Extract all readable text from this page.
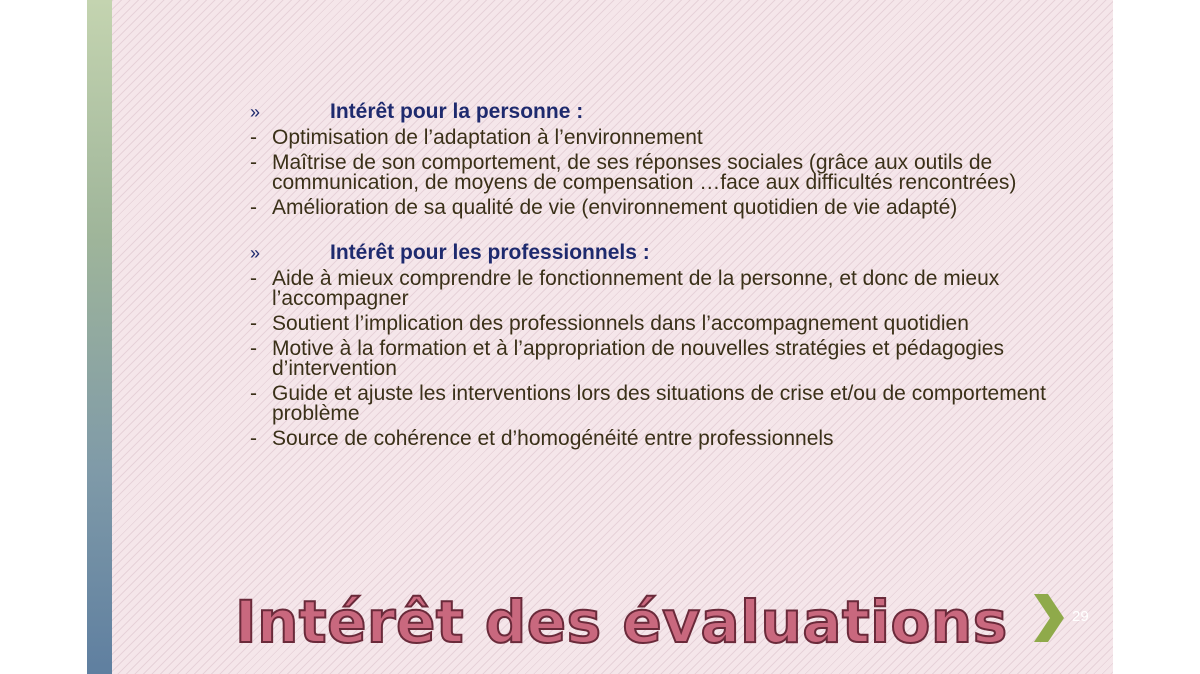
»	Intérêt pour la personne :
- Optimisation de l’adaptation à l’environnement
- Maîtrise de son comportement, de ses réponses sociales (grâce aux outils de communication, de moyens de compensation …face aux difficultés rencontrées)
- Amélioration de sa qualité de vie (environnement quotidien de vie adapté)
»	Intérêt pour les professionnels :
- Aide à mieux comprendre le fonctionnement de la personne, et donc de mieux l’accompagner
- Soutient l’implication des professionnels dans l’accompagnement quotidien
- Motive à la formation et à l’appropriation de nouvelles stratégies et pédagogies d’intervention
- Guide et ajuste les interventions lors des situations de crise et/ou de comportement problème
- Source de cohérence et d’homogénéité entre professionnels
Intérêt des évaluations	29
